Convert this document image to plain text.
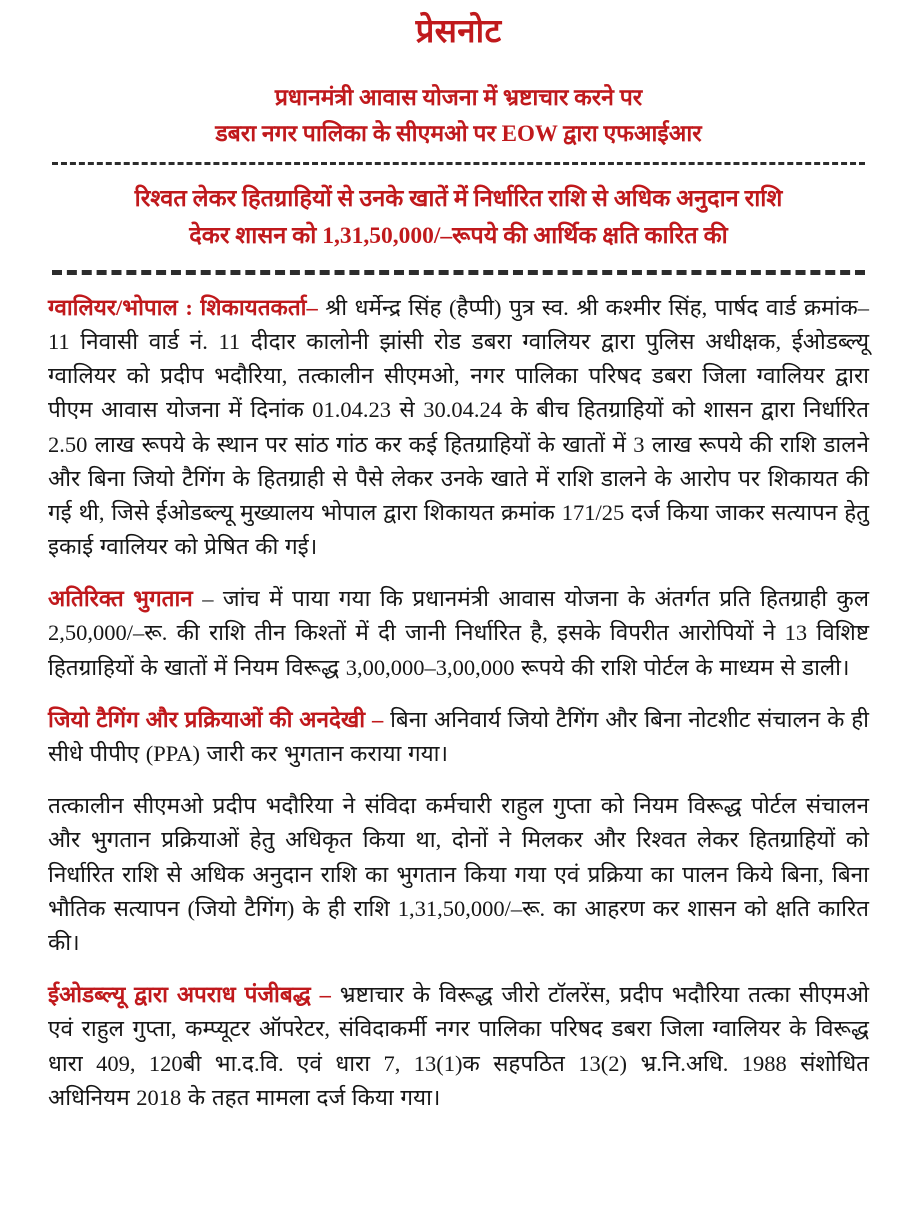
प्रेसनोट
प्रधानमंत्री आवास योजना में भ्रष्टाचार करने पर
डबरा नगर पालिका के सीएमओ पर EOW द्वारा एफआईआर
रिश्वत लेकर हितग्राहियों से उनके खातें में निर्धारित राशि से अधिक अनुदान राशि
देकर शासन को 1,31,50,000/–रूपये की आर्थिक क्षति कारित की

ग्वालियर/भोपाल : शिकायतकर्ता– श्री धर्मेन्द्र सिंह (हैप्पी) पुत्र स्व. श्री कश्मीर सिंह, पार्षद वार्ड क्रमांक–11 निवासी वार्ड नं. 11 दीदार कालोनी झांसी रोड डबरा ग्वालियर द्वारा पुलिस अधीक्षक, ईओडब्ल्यू ग्वालियर को प्रदीप भदौरिया, तत्कालीन सीएमओ, नगर पालिका परिषद डबरा जिला ग्वालियर द्वारा पीएम आवास योजना में दिनांक 01.04.23 से 30.04.24 के बीच हितग्राहियों को शासन द्वारा निर्धारित 2.50 लाख रूपये के स्थान पर सांठ गांठ कर कई हितग्राहियों के खातों में 3 लाख रूपये की राशि डालने और बिना जियो टैगिंग के हितग्राही से पैसे लेकर उनके खाते में राशि डालने के आरोप पर शिकायत की गई थी, जिसे ईओडब्ल्यू मुख्यालय भोपाल द्वारा शिकायत क्रमांक 171/25 दर्ज किया जाकर सत्यापन हेतु इकाई ग्वालियर को प्रेषित की गई।

अतिरिक्त भुगतान – जांच में पाया गया कि प्रधानमंत्री आवास योजना के अंतर्गत प्रति हितग्राही कुल 2,50,000/–रू. की राशि तीन किश्तों में दी जानी निर्धारित है, इसके विपरीत आरोपियों ने 13 विशिष्ट हितग्राहियों के खातों में नियम विरूद्ध 3,00,000–3,00,000 रूपये की राशि पोर्टल के माध्यम से डाली।

जियो टैगिंग और प्रक्रियाओं की अनदेखी – बिना अनिवार्य जियो टैगिंग और बिना नोटशीट संचालन के ही सीधे पीपीए (PPA) जारी कर भुगतान कराया गया।

तत्कालीन सीएमओ प्रदीप भदौरिया ने संविदा कर्मचारी राहुल गुप्ता को नियम विरूद्ध पोर्टल संचालन और भुगतान प्रक्रियाओं हेतु अधिकृत किया था, दोनों ने मिलकर और रिश्वत लेकर हितग्राहियों को निर्धारित राशि से अधिक अनुदान राशि का भुगतान किया गया एवं प्रक्रिया का पालन किये बिना, बिना भौतिक सत्यापन (जियो टैगिंग) के ही राशि 1,31,50,000/–रू. का आहरण कर शासन को क्षति कारित की।

ईओडब्ल्यू द्वारा अपराध पंजीबद्ध – भ्रष्टाचार के विरूद्ध जीरो टॉलरेंस, प्रदीप भदौरिया तत्का सीएमओ एवं राहुल गुप्ता, कम्प्यूटर ऑपरेटर, संविदाकर्मी नगर पालिका परिषद डबरा जिला ग्वालियर के विरूद्ध धारा 409, 120बी भा.द.वि. एवं धारा 7, 13(1)क सहपठित 13(2) भ्र.नि.अधि. 1988 संशोधित अधिनियम 2018 के तहत मामला दर्ज किया गया।
